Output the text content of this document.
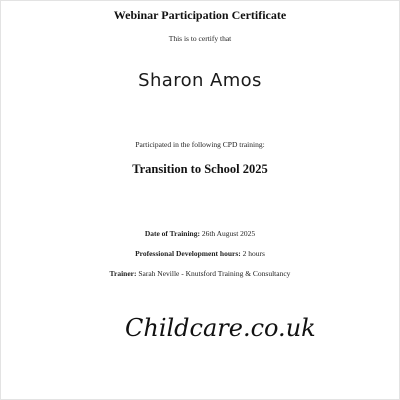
Webinar Participation Certificate
This is to certify that
Sharon Amos
Participated in the following CPD training:
Transition to School 2025
Date of Training: 26th August 2025
Professional Development hours: 2 hours
Trainer: Sarah Neville - Knutsford Training & Consultancy
Childcare.co.uk
